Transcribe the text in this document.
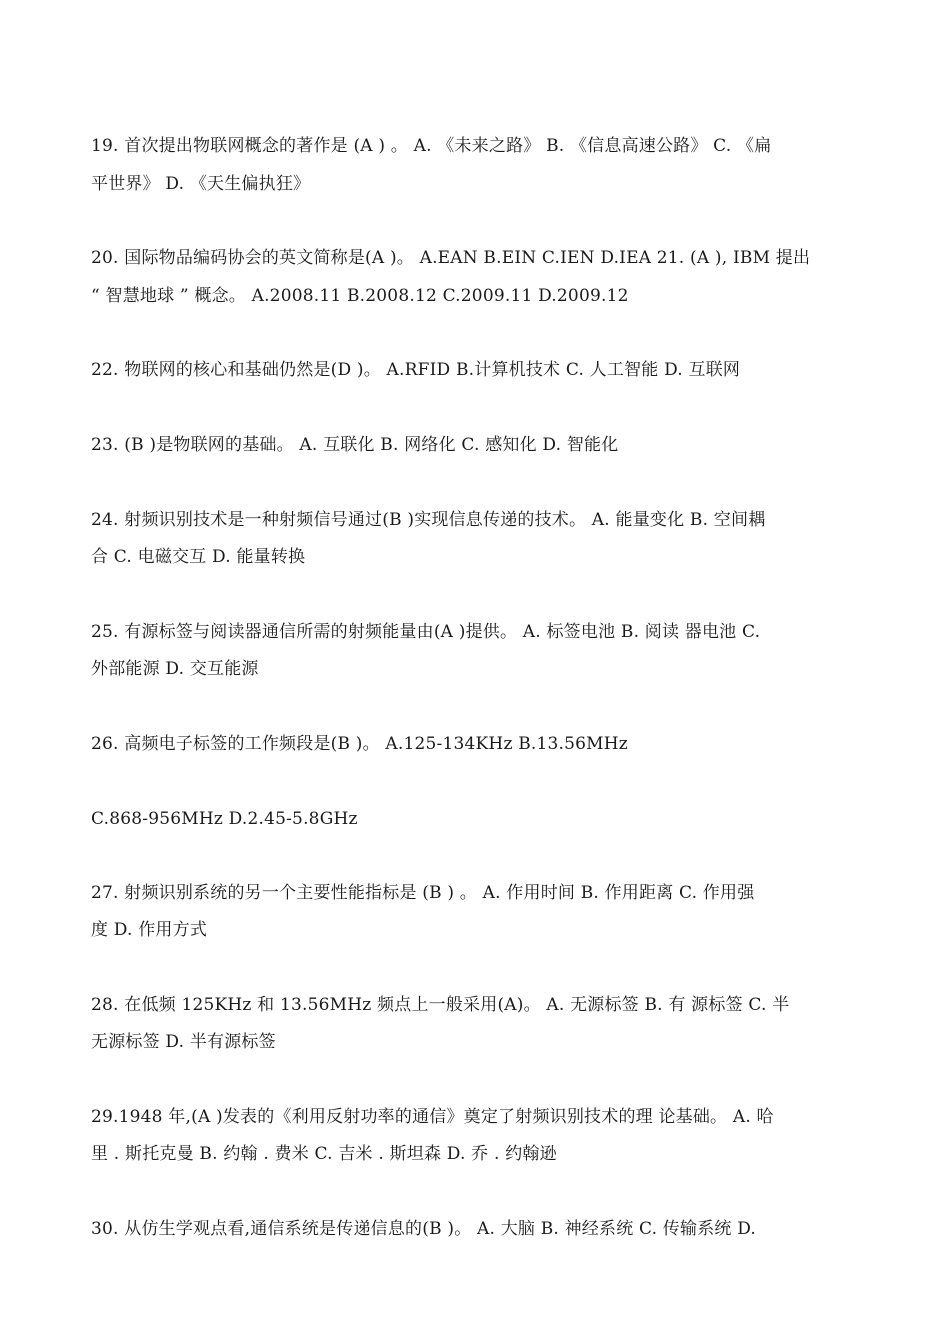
19. 首次提出物联网概念的著作是 (A ) 。 A. 《未来之路》 B. 《信息高速公路》 C. 《扁
平世界》 D. 《天生偏执狂》
20. 国际物品编码协会的英文简称是(A )。 A.EAN B.EIN C.IEN D.IEA 21. (A ), IBM 提出
“ 智慧地球 ” 概念。 A.2008.11 B.2008.12 C.2009.11 D.2009.12
22. 物联网的核心和基础仍然是(D )。 A.RFID B.计算机技术 C. 人工智能 D. 互联网
23. (B )是物联网的基础。 A. 互联化 B. 网络化 C. 感知化 D. 智能化
24. 射频识别技术是一种射频信号通过(B )实现信息传递的技术。 A. 能量变化 B. 空间耦
合 C. 电磁交互 D. 能量转换
25. 有源标签与阅读器通信所需的射频能量由(A )提供。 A. 标签电池 B. 阅读 器电池 C.
外部能源 D. 交互能源
26. 高频电子标签的工作频段是(B )。 A.125-134KHz B.13.56MHz
C.868-956MHz D.2.45-5.8GHz
27. 射频识别系统的另一个主要性能指标是 (B ) 。 A. 作用时间 B. 作用距离 C. 作用强
度 D. 作用方式
28. 在低频 125KHz 和 13.56MHz 频点上一般采用(A)。 A. 无源标签 B. 有 源标签 C. 半
无源标签 D. 半有源标签
29.1948 年,(A )发表的《利用反射功率的通信》奠定了射频识别技术的理 论基础。 A. 哈
里 . 斯托克曼 B. 约翰 . 费米 C. 吉米 . 斯坦森 D. 乔 . 约翰逊
30. 从仿生学观点看,通信系统是传递信息的(B )。 A. 大脑 B. 神经系统 C. 传输系统 D.
